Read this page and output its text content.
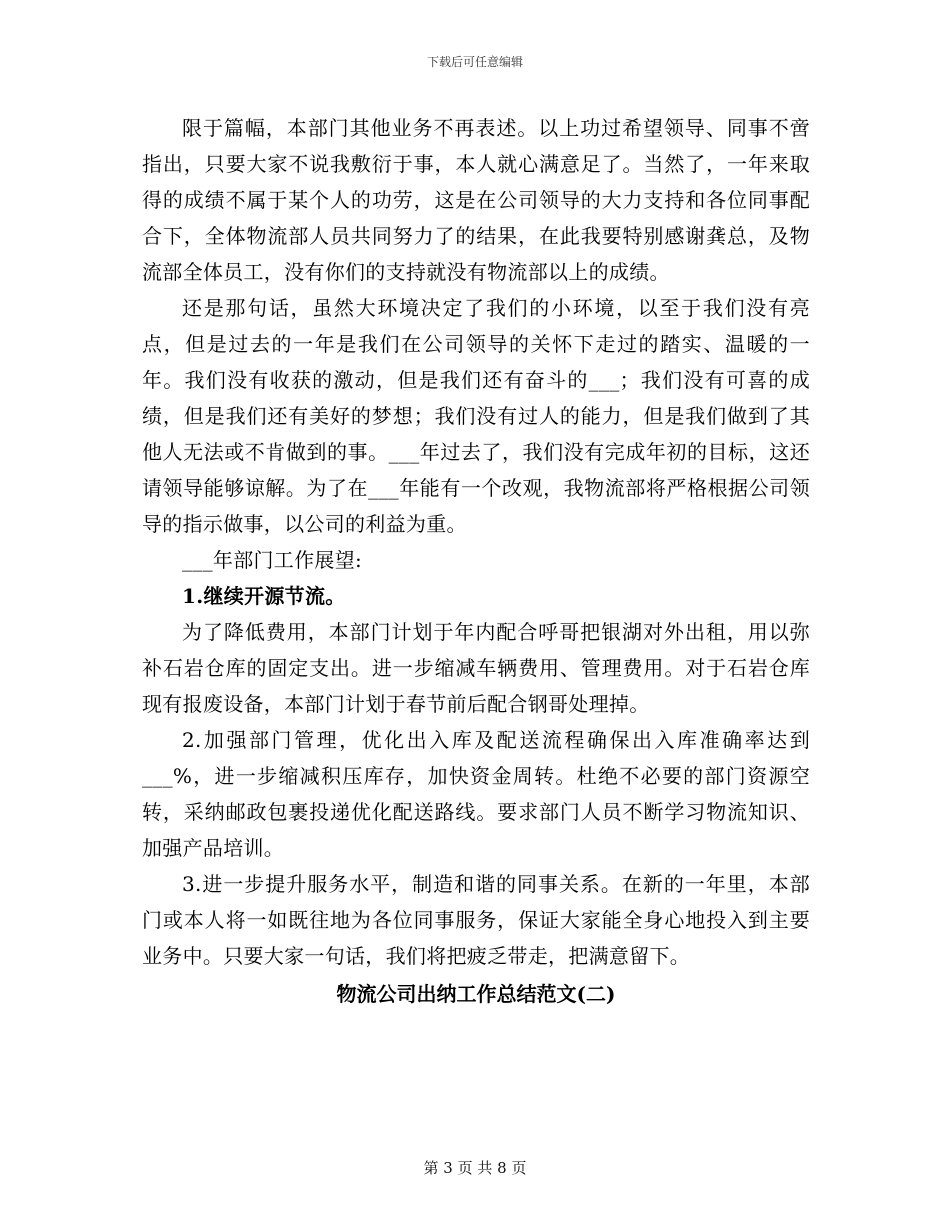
下载后可任意编辑

限于篇幅，本部门其他业务不再表述。以上功过希望领导、同事不啻指出，只要大家不说我敷衍于事，本人就心满意足了。当然了，一年来取得的成绩不属于某个人的功劳，这是在公司领导的大力支持和各位同事配合下，全体物流部人员共同努力了的结果，在此我要特别感谢龚总，及物流部全体员工，没有你们的支持就没有物流部以上的成绩。

还是那句话，虽然大环境决定了我们的小环境，以至于我们没有亮点，但是过去的一年是我们在公司领导的关怀下走过的踏实、温暖的一年。我们没有收获的激动，但是我们还有奋斗的___；我们没有可喜的成绩，但是我们还有美好的梦想；我们没有过人的能力，但是我们做到了其他人无法或不肯做到的事。___年过去了，我们没有完成年初的目标，这还请领导能够谅解。为了在___年能有一个改观，我物流部将严格根据公司领导的指示做事，以公司的利益为重。

___年部门工作展望:

1.继续开源节流。

为了降低费用，本部门计划于年内配合呼哥把银湖对外出租，用以弥补石岩仓库的固定支出。进一步缩减车辆费用、管理费用。对于石岩仓库现有报废设备，本部门计划于春节前后配合钢哥处理掉。

2.加强部门管理，优化出入库及配送流程确保出入库准确率达到___%，进一步缩减积压库存，加快资金周转。杜绝不必要的部门资源空转，采纳邮政包裹投递优化配送路线。要求部门人员不断学习物流知识、加强产品培训。

3.进一步提升服务水平，制造和谐的同事关系。在新的一年里，本部门或本人将一如既往地为各位同事服务，保证大家能全身心地投入到主要业务中。只要大家一句话，我们将把疲乏带走，把满意留下。

物流公司出纳工作总结范文(二)

第 3 页 共 8 页
